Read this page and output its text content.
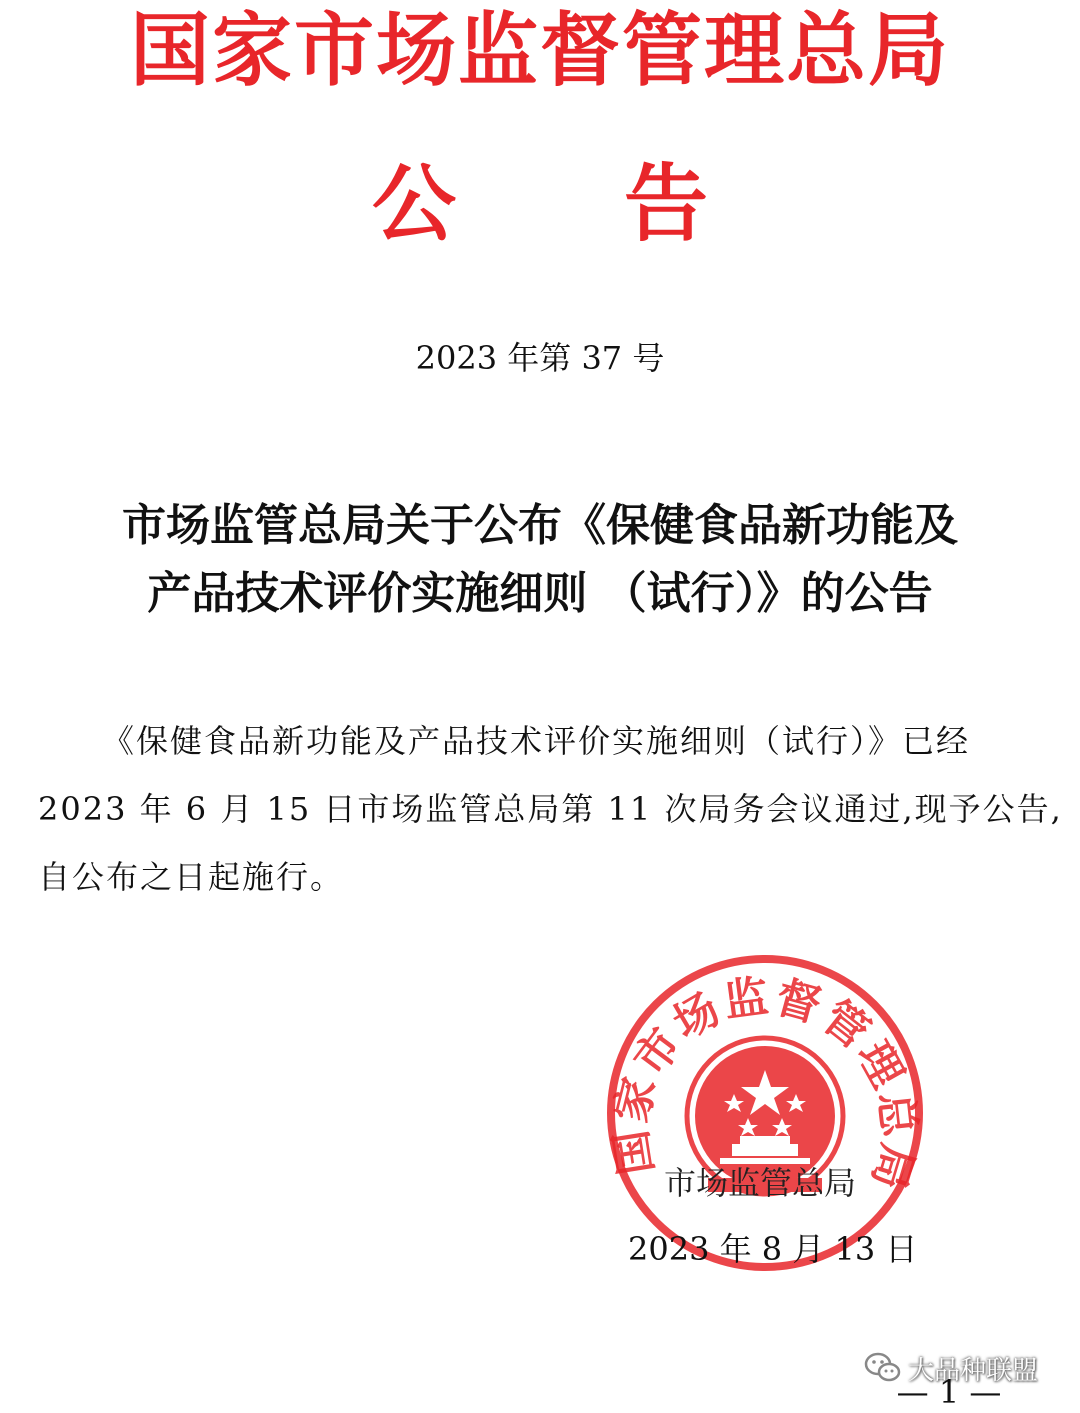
国家市场监督管理总局
公 告
2023 年第 37 号
市场监管总局关于公布《保健食品新功能及
产品技术评价实施细则 （试行）》的公告
《保健食品新功能及产品技术评价实施细则（试行）》已经
2023 年 6 月 15 日市场监管总局第 11 次局务会议通过,现予公告,
自公布之日起施行。
国家市场监督管理总局
市场监管总局
2023 年 8 月 13 日
大品种联盟
— 1 —
